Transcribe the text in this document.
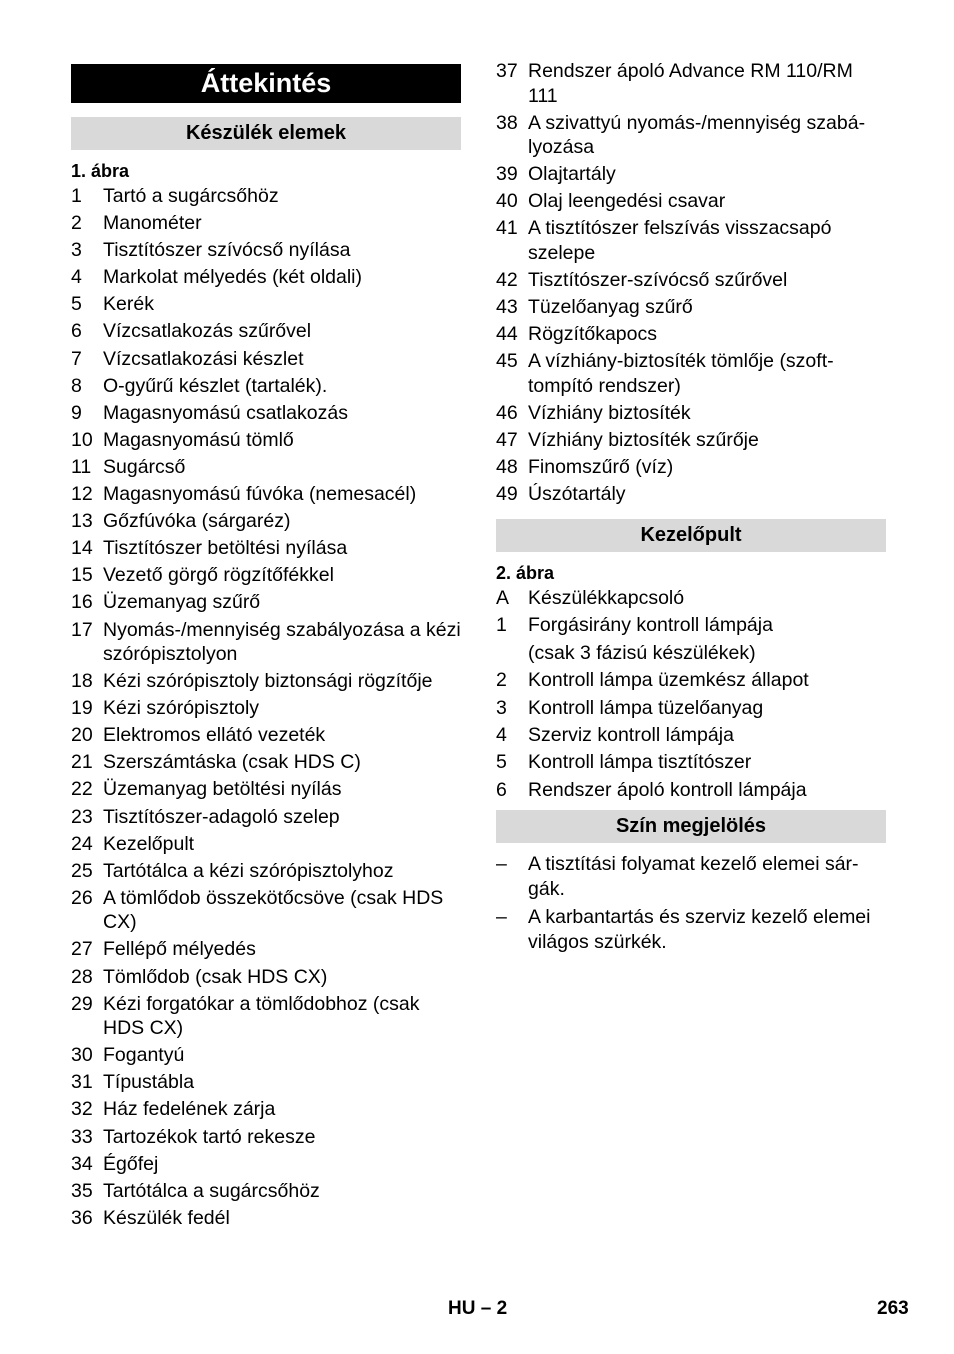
Áttekintés
Készülék elemek
1. ábra
1	Tartó a sugárcsőhöz
2	Manométer
3	Tisztítószer szívócső nyílása
4	Markolat mélyedés (két oldali)
5	Kerék
6	Vízcsatlakozás szűrővel
7	Vízcsatlakozási készlet
8	O-gyűrű készlet (tartalék).
9	Magasnyomású csatlakozás
10 Magasnyomású tömlő
11 Sugárcső
12 Magasnyomású fúvóka (nemesacél)
13 Gőzfúvóka (sárgaréz)
14 Tisztítószer betöltési nyílása
15 Vezető görgő rögzítőfékkel
16 Üzemanyag szűrő
17 Nyomás-/mennyiség szabályozása a kézi szórópisztolyon
18 Kézi szórópisztoly biztonsági rögzítője
19 Kézi szórópisztoly
20 Elektromos ellátó vezeték
21 Szerszámtáska (csak HDS C)
22 Üzemanyag betöltési nyílás
23 Tisztítószer-adagoló szelep
24 Kezelőpult
25 Tartótálca a kézi szórópisztolyhoz
26 A tömlődob összekötőcsöve (csak HDS CX)
27 Fellépő mélyedés
28 Tömlődob (csak HDS CX)
29 Kézi forgatókar a tömlődobhoz (csak HDS CX)
30 Fogantyú
31 Típustábla
32 Ház fedelének zárja
33 Tartozékok tartó rekesze
34 Égőfej
35 Tartótálca a sugárcsőhöz
36 Készülék fedél
37 Rendszer ápoló Advance RM 110/RM 111
38 A szivattyú nyomás-/mennyiség szabá-lyozása
39 Olajtartály
40 Olaj leengedési csavar
41 A tisztítószer felszívás visszacsapó szelepe
42 Tisztítószer-szívócső szűrővel
43 Tüzelőanyag szűrő
44 Rögzítőkapocs
45 A vízhiány-biztosíték tömlője (szoft-tompító rendszer)
46 Vízhiány biztosíték
47 Vízhiány biztosíték szűrője
48 Finomszűrő (víz)
49 Úszótartály
Kezelőpult
2. ábra
A Készülékkapcsoló
1	Forgásirány kontroll lámpája
(csak 3 fázisú készülékek)
2	Kontroll lámpa üzemkész állapot
3	Kontroll lámpa tüzelőanyag
4	Szerviz kontroll lámpája
5	Kontroll lámpa tisztítószer
6	Rendszer ápoló kontroll lámpája
Szín megjelölés
–	A tisztítási folyamat kezelő elemei sár-gák.
–	A karbantartás és szerviz kezelő elemei világos szürkék.
HU – 2	263
